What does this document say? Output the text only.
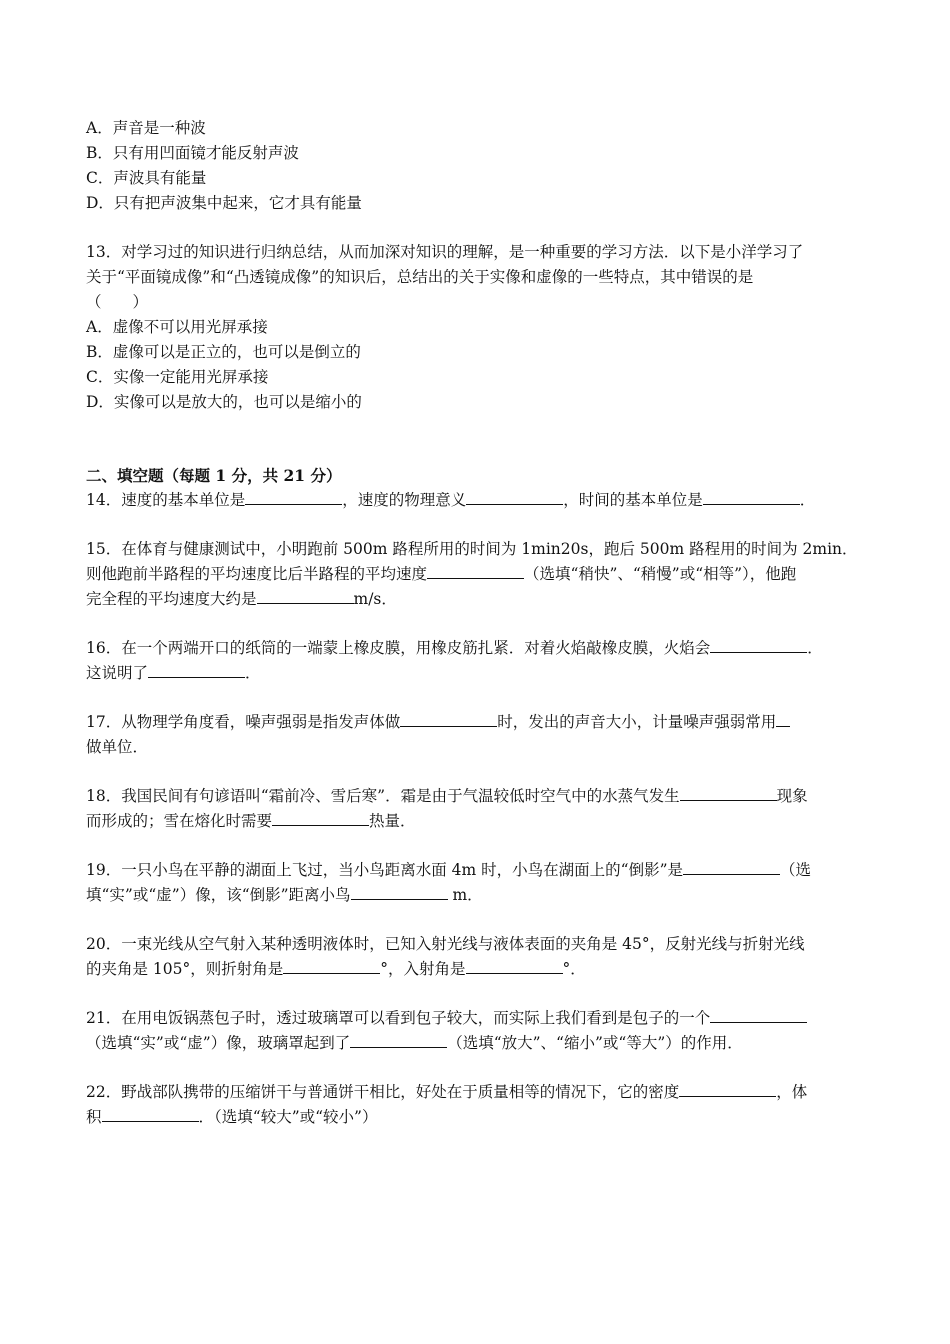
A．声音是一种波
B．只有用凹面镜才能反射声波
C．声波具有能量
D．只有把声波集中起来，它才具有能量
13．对学习过的知识进行归纳总结，从而加深对知识的理解，是一种重要的学习方法．以下是小洋学习了
关于“平面镜成像”和“凸透镜成像”的知识后，总结出的关于实像和虚像的一些特点，其中错误的是
（　　）
A．虚像不可以用光屏承接
B．虚像可以是正立的，也可以是倒立的
C．实像一定能用光屏承接
D．实像可以是放大的，也可以是缩小的
二、填空题（每题 1 分，共 21 分）
14．速度的基本单位是	，速度的物理意义	，时间的基本单位是	．
15．在体育与健康测试中，小明跑前 500m 路程所用的时间为 1min20s，跑后 500m 路程用的时间为 2min．
则他跑前半路程的平均速度比后半路程的平均速度	（选填“稍快”、“稍慢”或“相等”），他跑
完全程的平均速度大约是	m/s．
16．在一个两端开口的纸筒的一端蒙上橡皮膜，用橡皮筋扎紧．对着火焰敲橡皮膜，火焰会	．
这说明了	．
17．从物理学角度看，噪声强弱是指发声体做	时，发出的声音大小，计量噪声强弱常用
做单位．
18．我国民间有句谚语叫“霜前冷、雪后寒”．霜是由于气温较低时空气中的水蒸气发生	现象
而形成的；雪在熔化时需要	热量．
19．一只小鸟在平静的湖面上飞过，当小鸟距离水面 4m 时，小鸟在湖面上的“倒影”是	（选
填“实”或“虚”）像，该“倒影”距离小鸟	m．
20．一束光线从空气射入某种透明液体时，已知入射光线与液体表面的夹角是 45°，反射光线与折射光线
的夹角是 105°，则折射角是	°，入射角是	°．
21．在用电饭锅蒸包子时，透过玻璃罩可以看到包子较大，而实际上我们看到是包子的一个
（选填“实”或“虚”）像，玻璃罩起到了	（选填“放大”、“缩小”或“等大”）的作用．
22．野战部队携带的压缩饼干与普通饼干相比，好处在于质量相等的情况下，它的密度	，体
积	．（选填“较大”或“较小”）
